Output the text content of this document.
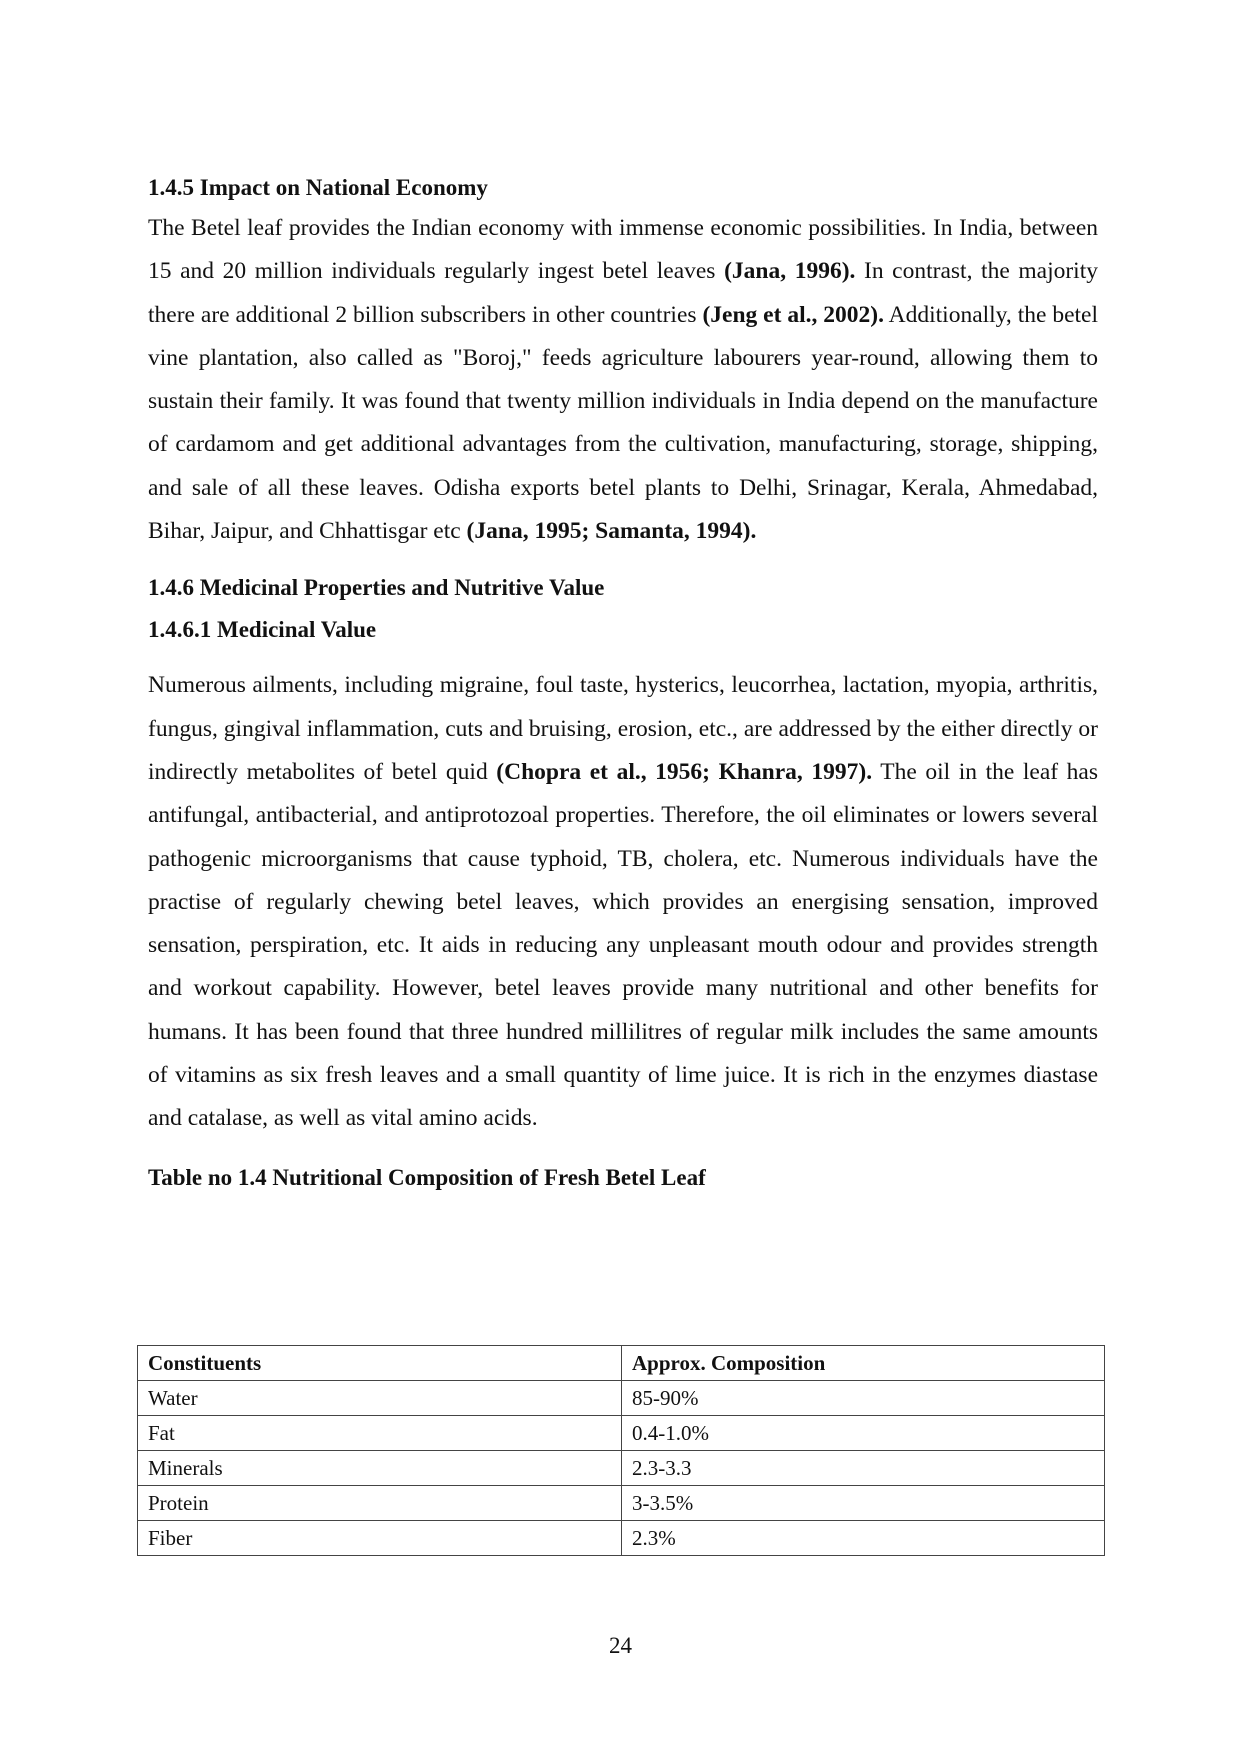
1.4.5 Impact on National Economy

The Betel leaf provides the Indian economy with immense economic possibilities. In India, between 15 and 20 million individuals regularly ingest betel leaves (Jana, 1996). In contrast, the majority there are additional 2 billion subscribers in other countries (Jeng et al., 2002). Additionally, the betel vine plantation, also called as "Boroj," feeds agriculture labourers year-round, allowing them to sustain their family. It was found that twenty million individuals in India depend on the manufacture of cardamom and get additional advantages from the cultivation, manufacturing, storage, shipping, and sale of all these leaves. Odisha exports betel plants to Delhi, Srinagar, Kerala, Ahmedabad, Bihar, Jaipur, and Chhattisgar etc (Jana, 1995; Samanta, 1994).

1.4.6 Medicinal Properties and Nutritive Value
1.4.6.1 Medicinal Value

Numerous ailments, including migraine, foul taste, hysterics, leucorrhea, lactation, myopia, arthritis, fungus, gingival inflammation, cuts and bruising, erosion, etc., are addressed by the either directly or indirectly metabolites of betel quid (Chopra et al., 1956; Khanra, 1997). The oil in the leaf has antifungal, antibacterial, and antiprotozoal properties. Therefore, the oil eliminates or lowers several pathogenic microorganisms that cause typhoid, TB, cholera, etc. Numerous individuals have the practise of regularly chewing betel leaves, which provides an energising sensation, improved sensation, perspiration, etc. It aids in reducing any unpleasant mouth odour and provides strength and workout capability. However, betel leaves provide many nutritional and other benefits for humans. It has been found that three hundred millilitres of regular milk includes the same amounts of vitamins as six fresh leaves and a small quantity of lime juice. It is rich in the enzymes diastase and catalase, as well as vital amino acids.

Table no 1.4 Nutritional Composition of Fresh Betel Leaf
Constituents	Approx. Composition
Water	85-90%
Fat	0.4-1.0%
Minerals	2.3-3.3
Protein	3-3.5%
Fiber	2.3%
24
